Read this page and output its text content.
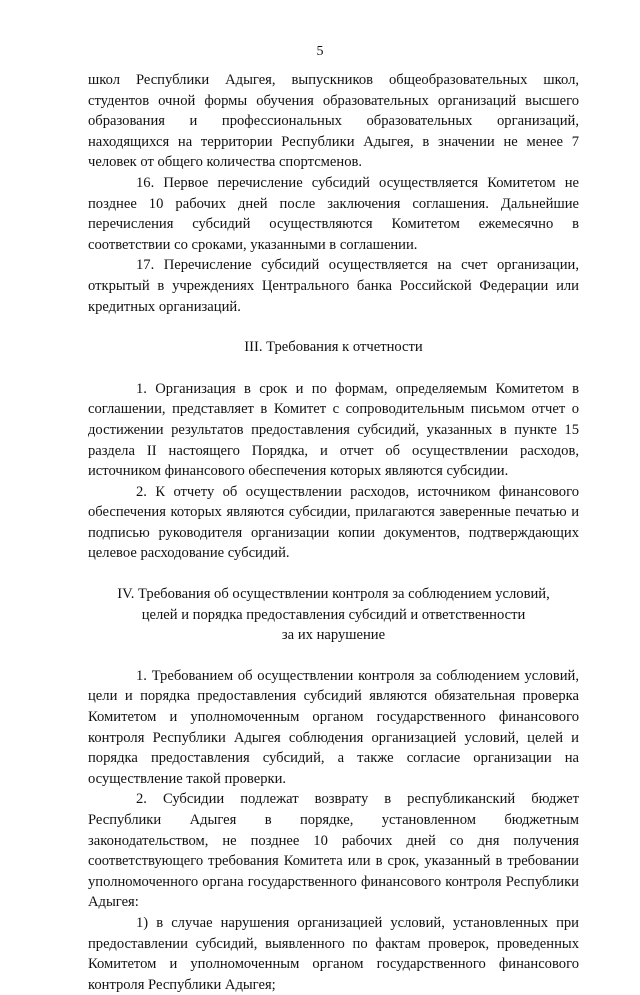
5

школ Республики Адыгея, выпускников общеобразовательных школ, студентов очной формы обучения образовательных организаций высшего образования и профессиональных образовательных организаций, находящихся на территории Республики Адыгея, в значении не менее 7 человек от общего количества спортсменов.

16. Первое перечисление субсидий осуществляется Комитетом не позднее 10 рабочих дней после заключения соглашения. Дальнейшие перечисления субсидий осуществляются Комитетом ежемесячно в соответствии со сроками, указанными в соглашении.

17. Перечисление субсидий осуществляется на счет организации, открытый в учреждениях Центрального банка Российской Федерации или кредитных организаций.

III. Требования к отчетности

1. Организация в срок и по формам, определяемым Комитетом в соглашении, представляет в Комитет с сопроводительным письмом отчет о достижении результатов предоставления субсидий, указанных в пункте 15 раздела II настоящего Порядка, и отчет об осуществлении расходов, источником финансового обеспечения которых являются субсидии.

2. К отчету об осуществлении расходов, источником финансового обеспечения которых являются субсидии, прилагаются заверенные печатью и подписью руководителя организации копии документов, подтверждающих целевое расходование субсидий.

IV. Требования об осуществлении контроля за соблюдением условий,
целей и порядка предоставления субсидий и ответственности
за их нарушение

1. Требованием об осуществлении контроля за соблюдением условий, цели и порядка предоставления субсидий являются обязательная проверка Комитетом и уполномоченным органом государственного финансового контроля Республики Адыгея соблюдения организацией условий, целей и порядка предоставления субсидий, а также согласие организации на осуществление такой проверки.

2. Субсидии подлежат возврату в республиканский бюджет Республики Адыгея в порядке, установленном бюджетным законодательством, не позднее 10 рабочих дней со дня получения соответствующего требования Комитета или в срок, указанный в требовании уполномоченного органа государственного финансового контроля Республики Адыгея:

1) в случае нарушения организацией условий, установленных при предоставлении субсидий, выявленного по фактам проверок, проведенных Комитетом и уполномоченным органом государственного финансового контроля Республики Адыгея;
